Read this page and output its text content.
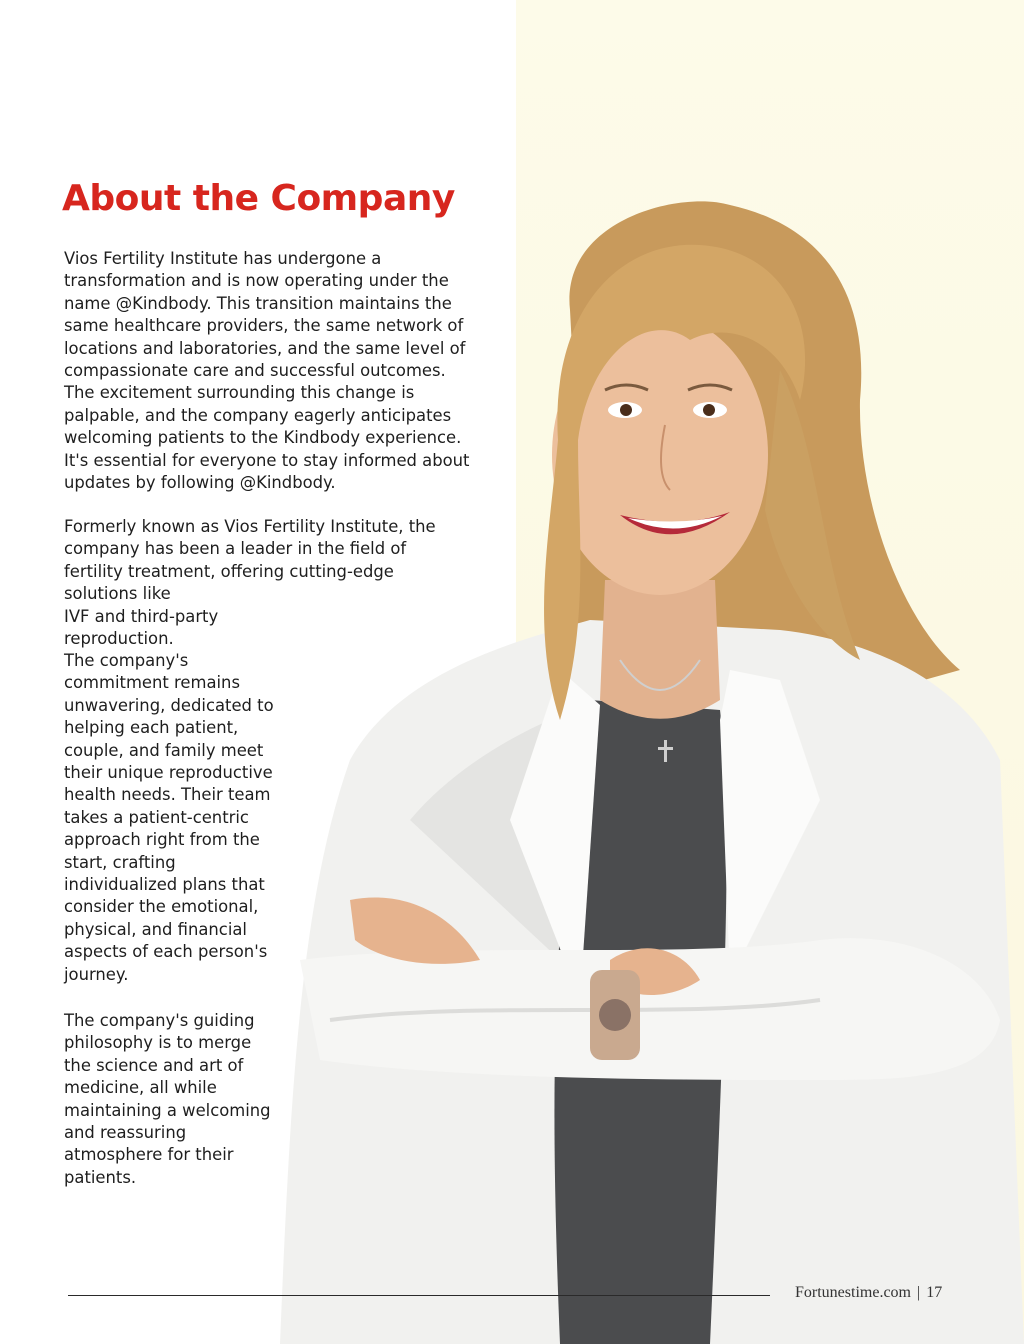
About the Company

Vios Fertility Institute has undergone a transformation and is now operating under the name @Kindbody. This transition maintains the same healthcare providers, the same network of locations and laboratories, and the same level of compassionate care and successful outcomes. The excitement surrounding this change is palpable, and the company eagerly anticipates welcoming patients to the Kindbody experience. It's essential for everyone to stay informed about updates by following @Kindbody.

Formerly known as Vios Fertility Institute, the company has been a leader in the field of fertility treatment, offering cutting-edge solutions like
IVF and third-party reproduction.

The company's commitment remains unwavering, dedicated to helping each patient, couple, and family meet their unique reproductive health needs. Their team takes a patient-centric approach right from the start, crafting individualized plans that consider the emotional, physical, and financial aspects of each person's journey.

The company's guiding philosophy is to merge the science and art of medicine, all while maintaining a welcoming and reassuring atmosphere for their patients.

Fortunestime.com | 17
